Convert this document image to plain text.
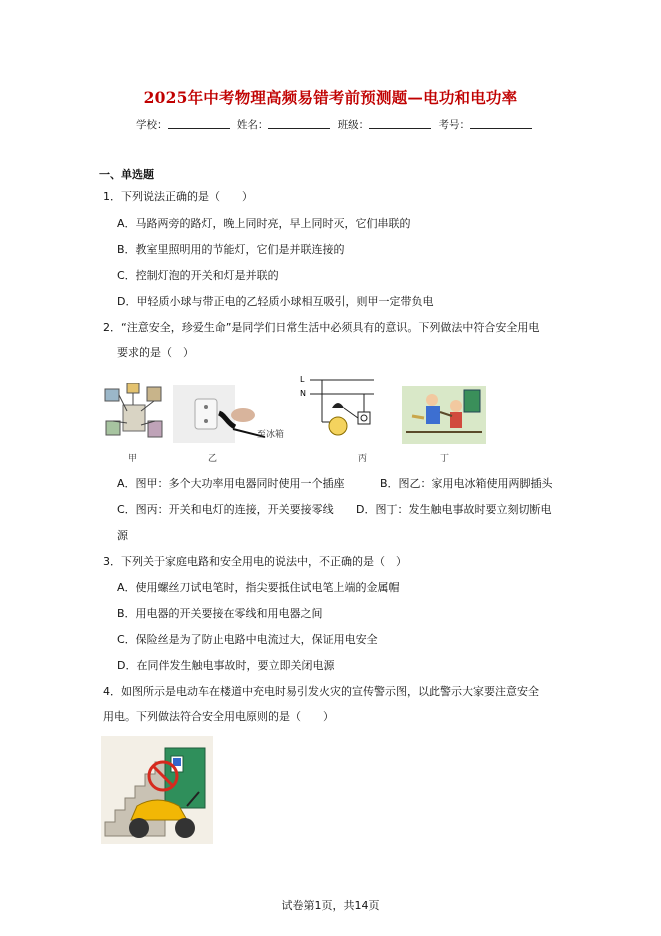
2025年中考物理高频易错考前预测题—电功和电功率
学校：	姓名：	班级：	考号：
一、单选题
1．下列说法正确的是（　　）
A．马路两旁的路灯，晚上同时亮，早上同时灭，它们串联的
B．教室里照明用的节能灯，它们是并联连接的
C．控制灯泡的开关和灯是并联的
D．甲轻质小球与带正电的乙轻质小球相互吸引，则甲一定带负电
2．“注意安全，珍爱生命”是同学们日常生活中必须具有的意识。下列做法中符合安全用电
要求的是（　）
甲
至冰箱
乙
L
N
丙	丁
A．图甲：多个大功率用电器同时使用一个插座	B．图乙：家用电冰箱使用两脚插头
C．图丙：开关和电灯的连接，开关要接零线 D．图丁：发生触电事故时要立刻切断电
源
3．下列关于家庭电路和安全用电的说法中，不正确的是（　）
A．使用螺丝刀试电笔时，指尖要抵住试电笔上端的金属帽
B．用电器的开关要接在零线和用电器之间
C．保险丝是为了防止电路中电流过大，保证用电安全
D．在同伴发生触电事故时，要立即关闭电源
4．如图所示是电动车在楼道中充电时易引发火灾的宣传警示图，以此警示大家要注意安全
用电。下列做法符合安全用电原则的是（　　）
试卷第1页，共14页
